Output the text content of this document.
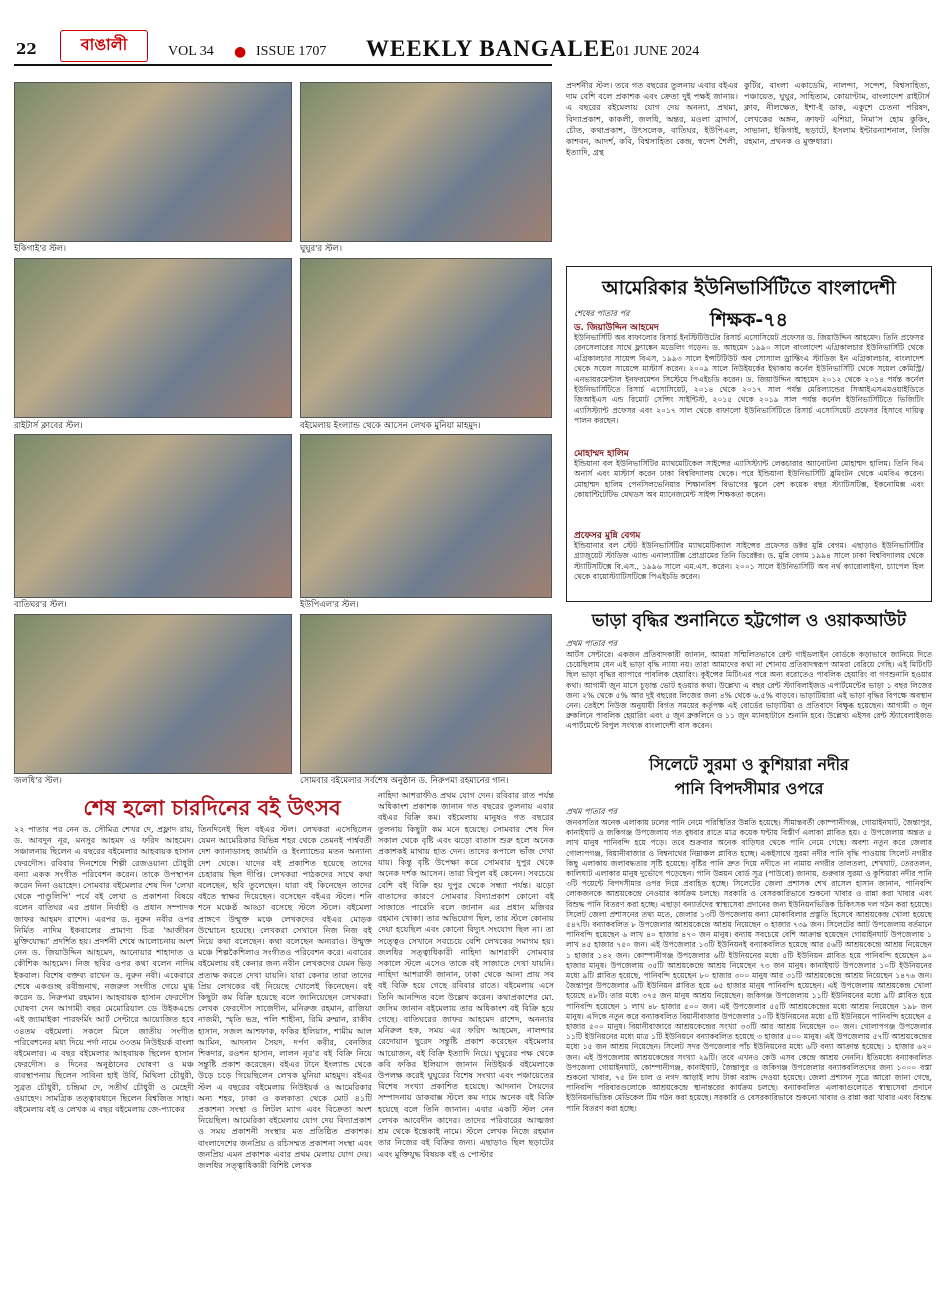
22	বাঙালী	VOL 34 ● ISSUE 1707 WEEKLY BANGALEE 01 JUNE 2024
ইকিগাই'র স্টল।	ঘুঘুর'র স্টল।
রাইটার্স ক্লাবের স্টল।	বইমেলায় ইংল্যান্ড থেকে আসেন লেখক মুনিয়া মাহমুদ।
বাতিঘর'র স্টল।	ইউপিএল'র স্টল।
জলধি'র স্টল।	সোমবার বইমেলার সর্বশেষ অনুষ্ঠান ড. নিরুপমা রহমানের গান।
শেষ হলো চারদিনের বই উৎসব
২২ পাতার পর নেন ড. সৌমিত্র শেখর দে, প্রফ্লাদ রায়, ড. আবদুন নূর, মনসুর আহমদ ও ফরিদ আহমেদ। সঞ্চালনায় ছিলেন এ বছরের বইমেলার আহবায়ক হাসান ফেরদৌস। রবিবার দিনশেষে শিল্পী রেজওয়ানা চৌধুরী বন্যা একক সংগীত পরিবেশন করেন। তাকে উপস্থাপন করেন নিনা ওয়াহেদ। সোমবার বইমেলার শেষ দিন 'লেখা থেকে পাণ্ডুলিপি' পর্বে বই লেখা ও প্রকাশনা বিষয়ে বলেন বাতিঘর এর প্রধান নির্বাহী ও প্রধান সম্পাদক জাফর আহমদ রাশেদ। এরপর ড. নুরুন নবীর ওপর নির্মিত নাদিম ইকবালের প্রামাণ্য চিত্র 'আজীবন মুক্তিযোদ্ধা' প্রদর্শিত হয়। প্রদর্শনী শেষে আলোচনায় অংশ নেন ড. জিয়াউদ্দিন আহমেদ, আনোয়ার শাহাদাত ও কৌশিক আহমেদ। নিজ ছবির ওপর কথা বলেন নাদিম ইকবাল। বিশেষ বক্তব্য রাখেন ড. নুরুন নবী। একেবারে শেষে একগুচ্ছ রবীন্দ্রনাথ, নজরুল সংগীত গেয়ে মুগ্ধ করেন ড. নিরুপমা রহমান। আহবায়ক হাসান ফেরদৌস ঘোষণা দেন আগামী বছর মেমোরিয়াল ডে উইকএন্ডে এই জ্যামাইকা পারফর্মিং আর্ট সেন্টারে আয়োজিত হবে ৩৪তম বইমেলা। সকলে মিলে জাতীয় সংগীত পরিবেশনের মধ্য দিয়ে পর্দা নামে ৩৩তম নিউইয়র্ক বাংলা বইমেলার। এ বছর বইমেলার আহবায়ক ছিলেন হাসান ফেরদৌস। ৪ দিনের অনুষ্ঠানের ঘোষণা ও মঞ্চ ব্যবস্থাপনায় ছিলেন সাবিনা হাই উর্বি, মিথিলা চৌধুরী, সুব্রত চৌধুরী, চন্দ্রিমা দে, সতীর্থ চৌধুরী ও মেহেদী ওয়াহেদ। সামগ্রিক তত্ত্বাবধানে ছিলেন বিশ্বজিত সাহা। বইমেলায় বই ও লেখক এ বছর বইমেলায় জে-প্যাকের
তিনদিনেই ছিল বইএর স্টল। লেখকরা এসেছিলেন যেমন আমেরিকার বিভিন্ন শহর থেকে তেমনই পার্শ্ববর্তী দেশ ক্যানাডাসহ জার্মানি ও ইংল্যান্ডের মতন অন্যান্য দেশ থেকে। যাদের বই প্রকাশিত হয়েছে তাদের চেহারায় ছিল দীপ্তি। লেখকরা পাঠকদের সাথে কথা বলেছেন, ছবি তুলেছেন। যারা বই কিনেছেন তাদের বইতে স্বাক্ষর দিয়েছেন। বসেছেন বইএর স্টলে। শনি শনে মঞ্চের্ষ্ঠ আড্ডা বসেছে স্টলে স্টলে। বইমেলা প্রাঙ্গণে উন্মুক্ত মঞ্চে লেখকদের বইএর মোড়ক উন্মোচন হয়েছে। লেখকরা সেখানে নিজ নিজ বই নিয়ে কথা বলেছেন। কথা বলেছেন অন্যরাও। উন্মুক্ত মঞ্চে শিল্পকৈশিলাও সংগীতও পরিবেশন করে। এবারের বইমেলায় বই কেনার জন্য নবীন লেখকদের যেমন ভিড় প্রত্যক্ষ করতে দেখা যায়নি। যারা কেনার তারা তাদের প্রিয় লেখকের বই নিয়েছে খোলেই কিনেছেন। বই কিছুটা কম বিক্রি হয়েছে বলে জানিয়েছেন লেখকরা। লেখক ফেরদৌস সাজেদীন, মনিরুজ রহমান, রাজিয়া নাজমী, স্মৃতি ভদ্র, পলি শাহীনা, রিমি রুম্মান, রাকীব হাসান, সজল আশফাক, ফকির ইলিয়াস, শামীম আল আমিন, আদনান সৈয়দ, দর্পণ কবীর, বেনজির শিকদার, রওশন হাসান, লালন নূর'র বই বিক্রি নিয়ে সন্তুষ্টি প্রকাশ করেছেন। বইএর টানে ইংল্যান্ড থেকে উড়ে চড়ে গিয়েছিলেন লেখক মুনিয়া মাহমুদ। বইএর স্টল এ বছরের বইমেলায় নিউইয়র্ক ও আমেরিকার অন্য শহর, ঢাকা ও কলকাতা থেকে মোট ৪১টি প্রকাশনা সংস্থা ও লিটল ম্যাগ এবং বিক্রেতা অংশ নিয়েছিল। আমেরিকা বইমেলায় যোগ দেয় বিদ্যাপ্রকাশ ও সময় প্রকাশনী সংস্থার মত প্রতিষ্ঠিত প্রকাশক। বাংলাদেশের জনপ্রিয় ও রচিসম্মত প্রকাশনা সংস্থা এবং জনপ্রিয় এমন প্রকাশক এবার প্রথম মেলায় যোগ দেয়। জলধির সত্ত্বাধিকারী বিশিষ্ট লেখক
নাহিদা আশরাফীও প্রথম যোগ দেন। রবিবার রাত পর্যন্ত অধিকাংশ প্রকাশক জানান গত বছরের তুলনায় এবার বইএর বিক্রি কম। বইমেলায় মানুষও গত বছরের তুলনায় কিছুটা কম মনে হয়েছে। সোমবার শেষ দিন সকাল থেকে বৃষ্টি এবং ঝড়ো বাতাস শুরু হলে অনেক প্রকাশকই মাথায় হাত দেন। তাদের কপালে ভাঁজ দেখা যায়। কিন্তু বৃষ্টি উপেক্ষা করে সোমবার দুপুর থেকে অনেক দর্শক আসেন। তারা বিপুল বই কেনেন। সবচেয়ে বেশি বই বিক্রি হয় দুপুর থেকে সন্ধ্যা পর্যন্ত। ঝড়ো বাতাসের কারণে সোমবার বিদ্যাপ্রকাশ কোনো বই সাজাতে পারেনি বলে জানান এর প্রধান মজিবর রহমান খোকা। তার অভিযোগ ছিল, তার স্টলে কোনায় দেয়া হয়েছিল এবং কোনো বিদ্যুৎ সংযোগ ছিল না। তা সত্ত্বেও সেখানে সবচেয়ে বেশি লেখকের সমাগম হয়। জলধির সত্ত্বাধিকারী নাহিদা আশরাফী সোমবার সকালে স্টলে এসেও তাকে বই সাজাতে দেখা যায়নি। নাহিদা আশরাফী জানান, ঢাকা থেকে আনা প্রায় সব বই বিক্রি হয়ে গেছে রবিবার রাতে। বইমেলায় এসে তিনি আনন্দিত বলে উল্লেখ করেন। কথাপ্রকাশের মো. জসিম জানান বইমেলায় তার অধিকাংশ বই বিক্রি হয়ে গেছে। বাতিঘরের জাফর আহমেদ রাশেদ, অনন্যার মনিরুল হক, সময় এর ফরিদ আহমেদ, নালন্দার রেদোয়ান ছুরেদ সন্তুষ্টি প্রকাশ করেছেন বইমেলার আয়োজন, বই বিক্রি ইত্যাদি নিয়ে। ঘুঘুরের পক্ষ থেকে কবি ফকির ইলিয়াস জানান নিউইয়র্ক বইমেলাকে উপলক্ষ করেই ঘুঘুরের বিশেষ সংখ্যা এবং পঞ্চায়েতের বিশেষ সংখ্যা প্রকাশিত হয়েছে। আদনান সৈয়দের সম্পাদনায় ডাকবাক্স স্টলে কম দামে অনেক বই বিক্রি হয়েছে বলে তিনি জানান। এবার একটি স্টল নেন লেখক আবেদীন কাদের। তাদের পরিবারের আত্মজা শ্রম থেকে ইন্তেকাই নামে। স্টলে লেখক নিজে রহমান তার নিজের বই বিক্রির জন্য। এছাড়াও ছিল ছড়াটের এবং মুক্তিযুদ্ধ বিষয়ক বই ও পোস্টার
প্রদর্শনীর স্টল। তবে গত বছরের তুলনায় এবার বইএর দাম বেশি বলে প্রকাশক এবং ক্রেতা দুই পক্ষই জানায়। এ বছরের বইমেলায় যোগ দেয় অনন্যা, প্রথমা, বিদ্যাপ্রকাশ, কাকলী, জলধি, অন্তর, মওলা ব্রাদার্স, চৌত, কথাপ্রকাশ, উৎসলেক, বাতিঘর, ইউপিএল, কাশবন, আদর্শ, কবি, বিশ্বসাহিত্য কেন্দ্র, স্বদেশ শৈলী, ইত্যাদি, গ্রন্থ
কুটির, বাংলা একাডেমি, নালন্দা, সন্দেশ, বিশ্বসাহিত্য, পঞ্চায়েত, ঘুঘুর, সাহিত্যম, কোয়াণ্টাম, বাংলাদেশ রাইটার্স ক্লাব, নীলক্ষেত, ইশা-ই ডাক, একুশে চেতনা পরিষদ, লেখকের অঙ্গন, ক্রাফট এশিয়া, নিমা'স হোম কুকিং, সাভানা, ইকিগাই, ছড়াটে, ইসলাম ইন্টারন্যাশনাল, লিজি রহমান, প্রথনক ও মুক্তধারা।
আমেরিকার ইউনিভার্সিটিতে বাংলাদেশী শিক্ষক-৭৪
শেষের পাতার পর
ড. জিয়াউদ্দিন আহমেদ
ইউনিভার্সিটি অব বাফালোর রিসার্চ ইনস্টিটিউটের রিসার্চ এসোসিয়েট প্রফেসর ড. জিয়াউদ্দিন আহমেদ। তিনি প্রফেসর রেনসেলারের সাথে ফ্ল্যাঙ্কেন মডেলিং গড়েন। ড. আহমেদ ১৯৯০ সালে বাংলাদেশ এগ্রিকালচার ইউনিভার্সিটি থেকে এগ্রিকালচার সায়েন্স বিএস, ১৯৯৩ সালে ইন্সটিটিউট অব সোস্যাল ড্রাফ্টিংএ স্টাডিজ ইন এগ্রিকালচার, বাংলাদেশ থেকে সয়েল সায়েন্সে মাস্টার্স করেন। ২০০৯ সালে নিউইয়র্কের ইথাকায় কর্নেল ইউনিভার্সিটি থেকে সয়েল কেমিস্ট্রি/ এনভায়রমেন্টাল ইনফরমেশন সিস্টেমে পিএইচডি করেন। ড. জিয়াউদ্দিন আহমেদ ২০১২ থেকে ২০১৪ পর্যন্ত কর্নেল ইউনিভার্সিটিতে রিসার্চ এসোসিয়েট, ২০১৪ থেকে ২০১৭ সাল পর্যন্ত মেরিল্যান্ডের সিআইএসএমওয়াইডিতে জিআইএস এন্ড রিমোট সেন্সিং সাইন্টিস্ট, ২০১৫ থেকে ২০১৯ সাল পর্যন্ত কর্নেল ইউনিভার্সিটিতে ভিজিটিং এ্যাসিস্ট্যান্ট প্রফেসর এবং ২০১৭ সাল থেকে বাফালো ইউনিভার্সিটিতে রিসার্চ এসোসিয়েট প্রফেসর হিসাবে দায়িত্ব পালন করছেন।
মোহাম্মদ হালিম
ইন্ডিয়ানা বল ইউনিভার্সিটির ম্যাথমেটিকেল সাইন্সের এ্যাসিস্ট্যান্ট লেকচারার অ্যানোটনা মোহাম্মদ হালিম। তিনি বিএ অনার্স এবং মাস্টার্স করেন ঢাকা বিশ্ববিদ্যালয় থেকে। পরে ইন্ডিয়ানা ইউনিভার্সিটি ব্লুমিংটন থেকে এমবিএ করেন। মোহাম্মদ হালিম পেনসিলভেনিয়ার শিক্ষানবিশ বিভাগের স্কুলে বেশ কয়েক বছর স্ট্যাটিসটিক্স, ইকনোমিক্স এবং কোয়ান্টিটেটিভ মেথডস অব ম্যানেজমেন্ট সাইন্স শিক্ষকতা করেন।
প্রফেসর মুন্নি বেগম
ইন্ডিয়ানার বল স্টেট ইউনিভার্সিটির ম্যাথমেটিক্যাল সাইন্সের প্রফেসর ডক্টর মুন্নি বেগম। এছাড়াও ইউনিভার্সিটির গ্র্যাজুয়েট স্টাডিজ এ্যান্ড এনাল্যাটিক্স প্রোগ্রামের তিনি ডিরেক্টর। ড. মুন্নি বেগম ১৯৯৪ সালে ঢাকা বিশ্ববিদ্যালয় থেকে স্ট্যাটিসটিক্সে বি.এস., ১৯৯৬ সালে এম.এস. করেন। ২০০১ সালে ইউনিভার্সিটি অব নর্থ ক্যারোলাইনা, চ্যাপেল হিল থেকে বায়োস্ট্যাটিসটিক্সে পিএইচডি করেন।
ভাড়া বৃদ্ধির শুনানিতে হট্টগোল ও ওয়াকআউট
প্রথম পাতার পর
আর্টস সেন্টারে। একজন প্রতিবাদকারী জানান, আমরা সম্মিলিতভাবে রেন্ট গাইডলাইন বোর্ডকে কড়াভাবে জানিয়ে দিতে চেয়েছিলাম যেন এই ভাড়া বৃদ্ধি ন্যায্য নয়। তারা আমাদের কথা না শোনায় প্রতিবাদস্বরূপ আমরা বেরিয়ে গেছি। এই মিটিংটি ছিল ভাড়া বৃদ্ধির ব্যাপারে পাবলিক হেয়ারিং। কুইন্সের মিটিংএর পরে অন্য বরোতেও পাবলিক হেয়ারিং বা গণশুনানি হওয়ার কথা। আগামী জুন মাসে চূড়ান্ত ভোট হওয়ার কথা। উল্লেখ্য এ বছর রেন্ট স্ট্যাবিলাইজড এপার্টমেন্টের ভাড়া ১ বছর লিজের জন্য ২% থেকে ৫% আর দুই বছরের লিজের জন্য ৪% থেকে ৬.৫% বাড়বে। ভাড়াটিয়ারা এই ভাড়া বৃদ্ধির বিপক্ষে অবস্থান নেন। তেইশে নিউজ অনুযায়ী বিগত সময়ের কর্তৃপক্ষ এই বোর্ডের ভাড়াটিয়া ও প্রতিবাদে বিক্ষুব্ধ হয়েছেন। আগামী ৩ জুন ব্রুকলিনে পাবলিক হেয়ারিং এবং ৫ জুন ব্রুকলিনে ও ১১ জুন ম্যানহাটানে শুনানি হবে। উল্লেখ্য এইসব রেন্ট স্ট্যাবেলাইজড এপার্টমেন্টে বিপুল সংখ্যক বাংলাদেশী বাস করেন।
সিলেটে সুরমা ও কুশিয়ারা নদীর
পানি বিপদসীমার ওপরে
প্রথম পাতার পর
জনবসতির অনেক এলাকায় ঢলের পানি নেমে পরিস্থিতির উন্নতি হয়েছে। সীমান্তবর্তী কোম্পানীগঞ্জ, গোয়াইনঘাট, জৈন্তাপুর, কানাইঘাট ও জকিগঞ্জ উপজেলায় গত বুধবার রাতে মাত্র কয়েক ঘন্টায় বিস্তীর্ণ এলাকা প্লাবিত হয়। ৫ উপজেলায় অন্তত ৫ লাখ মানুষ পানিবন্দি হয়ে পড়ে। তবে শুক্রবার অনেক বাড়িঘর থেকে পানি নেমে গেছে। অবশ্য নতুন করে জেলার গোলাপগঞ্জ, বিয়ানীবাজার ও বিশ্বনাথের নিম্নাঞ্চল প্লাবিত হচ্ছে। একইসাথে সুরমা নদীর পানি বৃদ্ধি পাওয়ায় সিলেট নগরীর কিছু এলাকায় জলাবদ্ধতার সৃষ্টি হয়েছে। বৃষ্টির পানি দ্রুত দিয়ে নদীতে না নামায় নগরীর তালতলা, শেখঘাট, তেরতলন, কালিঘাট এলাকার মানুষ দুর্ভোগে পড়েছেন। পানি উন্নয়ন বোর্ড সূত্র (পাউবো) জানায়, গুরুবার সুরমা ও কুশিয়ারা নদীর পানি ৩টি পয়েন্টে বিপদসীমার ওপর দিয়ে প্রবাহিত হচ্ছে। সিলেটের জেলা প্রশাসক শেখ রাসেল হাসান জানান, পানিবন্দি লোকজনকে আশ্রয়কেন্দ্রে নেওয়ার কার্যক্রম চলছে। সরকারি ও বেসরকারিভাবে শুকনো খাবার ও রান্না করা খাবার এবং বিশুদ্ধ পানি বিতরণ করা হচ্ছে। এছাড়া বন্যার্তদের স্বাস্থ্যসেবা প্রদানের জন্য ইউনিয়নভিত্তিক চিকিৎসক দল গঠন করা হয়েছে। সিলেট জেলা প্রশাসনের তথ্য মতে, জেলার ১৩টি উপজেলায় বন্যা মোকাবিলার প্রস্তুতি হিসেবে আশ্রয়কেন্দ্র খোলা হয়েছে ৫৪৭টি। বন্যাকবলিত ৮ উপজেলার আশ্রয়কেন্দ্রে আশ্রয় নিয়েছেন ৩ হাজার ৭৩৯ জন। সিলেটের আট উপজেলায় বর্তমানে পানিবন্দি হয়েছেন ৬ লাখ ৪০ হাজার ৪৭০ জন মানুষ। বন্যায় সবচেয়ে বেশি আক্রান্ত হয়েছেন গোয়াইনঘাট উপজেলায় ১ লাখ ৪৫ হাজার ৭৫০ জন। এই উপজেলার ১৩টি ইউনিয়নই বন্যাকবলিত হয়েছে আর ৫৬টি আশ্রয়কেন্দ্রে আশ্রয় নিয়েছেন ১ হাজার ১৪২ জন। কোম্পানীগঞ্জ উপজেলার ৬টি ইউনিয়নের মধ্যে ৫টি ইউনিয়ন প্লাবিত হয়ে পানিবন্দি হয়েছেন ৯০ হাজার মানুষ। উপজেলায় ৩৫টি আশ্রয়কেন্দ্রে আশ্রয় নিয়েছেন ৭৩ জন মানুষ। কানাইঘাট উপজেলার ১০টি ইউনিয়নের মধ্যে ৯টি প্লাবিত হয়েছে, পানিবন্দি হয়েছেন ৮০ হাজার ৩০০ মানুষ আর ৩১টি আশ্রয়কেন্দ্রে আশ্রয় নিয়েছেন ১৪৭৬ জন। জৈন্তাপুর উপজেলার ৬টি ইউনিয়ন প্লাবিত হয়ে ৬৫ হাজার মানুষ পানিবন্দি হয়েছেন। এই উপজেলায় আশ্রয়কেন্দ্র খোলা হয়েছে ৪৮টি। তার মধ্যে ৩৭৫ জন মানুষ আশ্রয় নিয়েছেন। জকিগঞ্জ উপজেলায় ১১টি ইউনিয়নের মধ্যে ৯টি প্লাবিত হয়ে পানিবন্দি হয়েছেন ১ লাখ ৪৮ হাজার ৫০০ জন। এই উপজেলার ৫৫টি আশ্রয়কেন্দ্রের মধ্যে আশ্রয় নিয়েছেন ১৯৮ জন মানুষ। এদিকে নতুন করে বন্যাকবলিত বিয়ানীবাজার উপজেলার ১০টি ইউনিয়নের মধ্যে ৫টি ইউনিয়নে পানিবন্দি হয়েছেন ৫ হাজার ৫০০ মানুষ। বিয়ানীবাজারে আশ্রয়কেন্দ্রের সংখ্যা ৩৩টি আর আশ্রয় নিয়েছেন ৩০ জন। গোলাপগঞ্জ উপজেলার ১১টি ইউনিয়নের মধ্যে মাত্র ১টি ইউনিয়নে বন্যাকবলিত হয়েছে ৩ হাজার ৫০০ মানুষ। এই উপজেলায় ৫৭টি আশ্রয়কেন্দ্রের মধ্যে ১৫ জন আশ্রয় নিয়েছেন। সিলেট সদর উপজেলার পাঁচ ইউনিয়নের মধ্যে ৬টি বন্যা আক্রান্ত হয়েছে। ১ হাজার ৬২০ জন। এই উপজেলায় আশ্রয়কেন্দ্রের সংখ্যা ২৯টি। তবে এখনও কেউ এসব কেন্দ্রে আশ্রয় নেননি। ইতিমধ্যে বন্যাকবলিত উপজেলা গোয়াইনঘাট, কোম্পানীগঞ্জ, কানাইঘাট, জৈন্তাপুর ও জকিগঞ্জ উপজেলার বন্যাকবলিতদের জন্য ১০০০ বস্তা শুকনো খাবার, ৭৫ টন চাল ও নগদ আড়াই লাখ টাকা বরাদ্দ দেওয়া হয়েছে। জেলা প্রশাসন সূত্রে আরো জানা গেছে, পানিবন্দি পরিবারগুলোকে আশ্রয়কেন্দ্রে স্থানান্তরের কার্যক্রম চলছে। বন্যাকবলিত এলাকাগুলোতে স্বাস্থ্যসেবা প্রদানে ইউনিয়নভিত্তিক মেডিকেল টিম গঠন করা হয়েছে। সরকারি ও বেসরকারিভাবে শুকনো খাবার ও রান্না করা খাবার এবং বিশুদ্ধ পানি বিতরণ করা হচ্ছে।
